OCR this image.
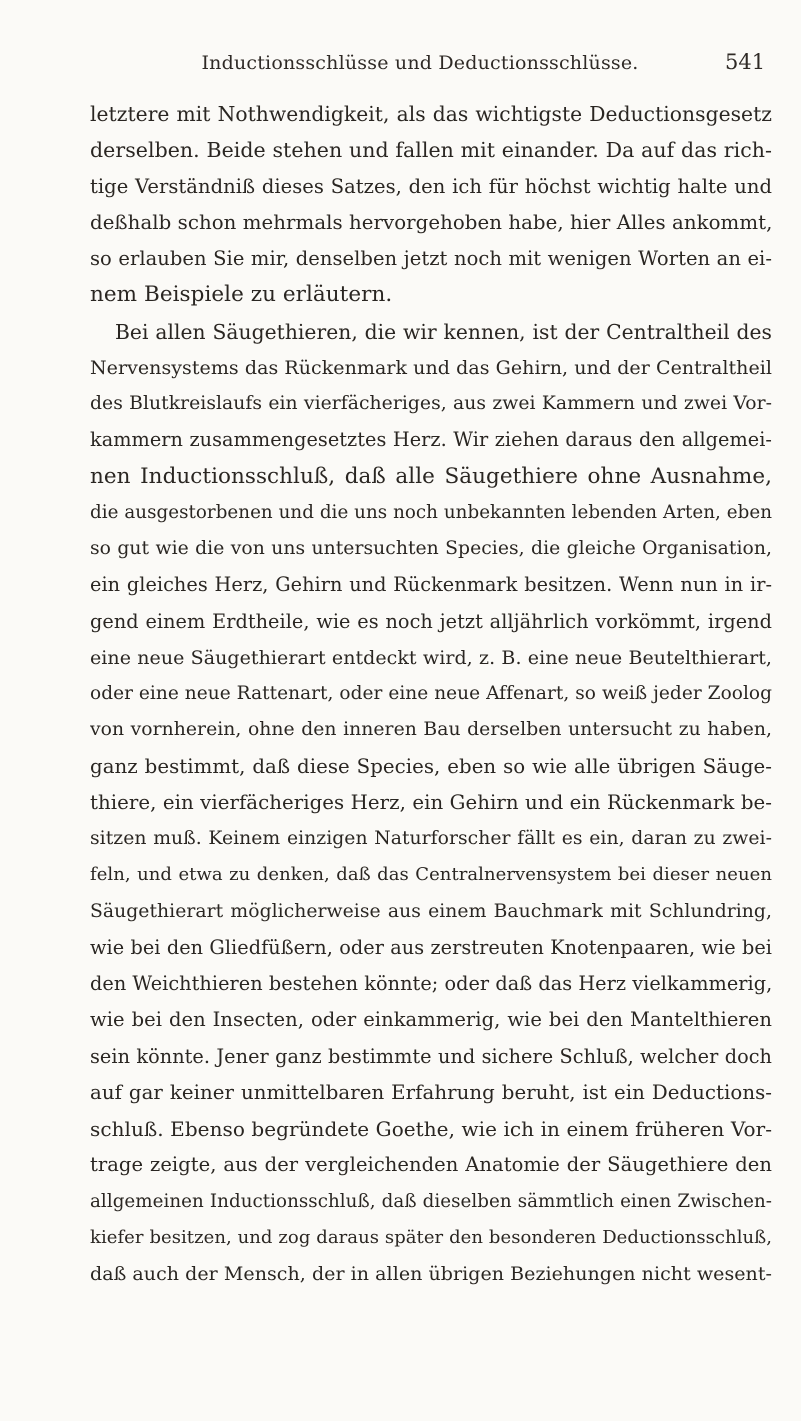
Inductionsschlüsse und Deductionsschlüsse.	541
letztere mit Nothwendigkeit, als das wichtigste Deductionsgesetz
derselben. Beide stehen und fallen mit einander. Da auf das rich-
tige Verständniß dieses Satzes, den ich für höchst wichtig halte und
deßhalb schon mehrmals hervorgehoben habe, hier Alles ankommt,
so erlauben Sie mir, denselben jetzt noch mit wenigen Worten an ei-
nem Beispiele zu erläutern.
Bei allen Säugethieren, die wir kennen, ist der Centraltheil des
Nervensystems das Rückenmark und das Gehirn, und der Centraltheil
des Blutkreislaufs ein vierfächeriges, aus zwei Kammern und zwei Vor-
kammern zusammengesetztes Herz. Wir ziehen daraus den allgemei-
nen Inductionsschluß, daß alle Säugethiere ohne Ausnahme,
die ausgestorbenen und die uns noch unbekannten lebenden Arten, eben
so gut wie die von uns untersuchten Species, die gleiche Organisation,
ein gleiches Herz, Gehirn und Rückenmark besitzen. Wenn nun in ir-
gend einem Erdtheile, wie es noch jetzt alljährlich vorkömmt, irgend
eine neue Säugethierart entdeckt wird, z. B. eine neue Beutelthierart,
oder eine neue Rattenart, oder eine neue Affenart, so weiß jeder Zoolog
von vornherein, ohne den inneren Bau derselben untersucht zu haben,
ganz bestimmt, daß diese Species, eben so wie alle übrigen Säuge-
thiere, ein vierfächeriges Herz, ein Gehirn und ein Rückenmark be-
sitzen muß. Keinem einzigen Naturforscher fällt es ein, daran zu zwei-
feln, und etwa zu denken, daß das Centralnervensystem bei dieser neuen
Säugethierart möglicherweise aus einem Bauchmark mit Schlundring,
wie bei den Gliedfüßern, oder aus zerstreuten Knotenpaaren, wie bei
den Weichthieren bestehen könnte; oder daß das Herz vielkammerig,
wie bei den Insecten, oder einkammerig, wie bei den Mantelthieren
sein könnte. Jener ganz bestimmte und sichere Schluß, welcher doch
auf gar keiner unmittelbaren Erfahrung beruht, ist ein Deductions-
schluß. Ebenso begründete Goethe, wie ich in einem früheren Vor-
trage zeigte, aus der vergleichenden Anatomie der Säugethiere den
allgemeinen Inductionsschluß, daß dieselben sämmtlich einen Zwischen-
kiefer besitzen, und zog daraus später den besonderen Deductionsschluß,
daß auch der Mensch, der in allen übrigen Beziehungen nicht wesent-
